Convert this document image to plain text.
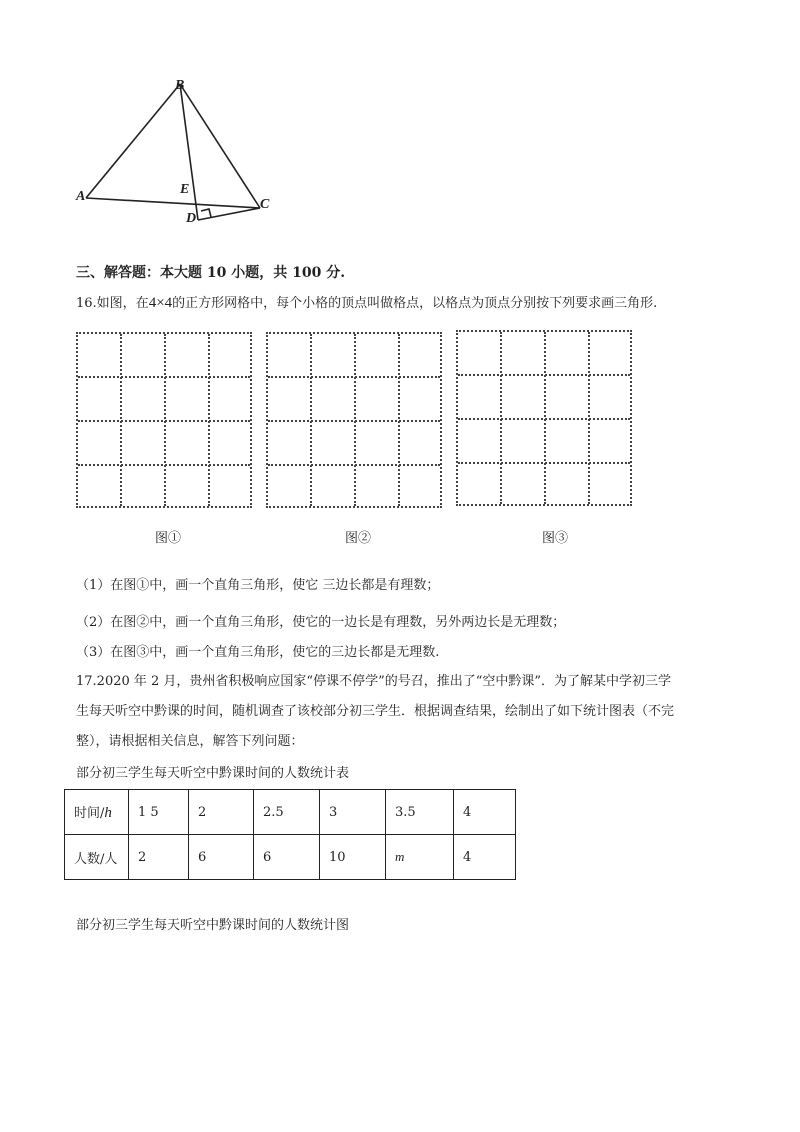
B
A	E
C
D
三、解答题：本大题 10 小题，共 100 分.
16.如图，在4×4的正方形网格中，每个小格的顶点叫做格点，以格点为顶点分别按下列要求画三角形.
图①	图②	图③
（1）在图①中，画一个直角三角形，使它 三边长都是有理数；
（2）在图②中，画一个直角三角形，使它的一边长是有理数，另外两边长是无理数；
（3）在图③中，画一个直角三角形，使它的三边长都是无理数.
17.2020 年 2 月，贵州省积极响应国家“停课不停学”的号召，推出了“空中黔课”．为了解某中学初三学
生每天听空中黔课的时间，随机调查了该校部分初三学生．根据调查结果，绘制出了如下统计图表（不完
整），请根据相关信息，解答下列问题：
部分初三学生每天听空中黔课时间的人数统计表
时间/h	1 5	2	2.5	3	3.5	4
人数/人	2	6	6	10	m	4
部分初三学生每天听空中黔课时间的人数统计图
